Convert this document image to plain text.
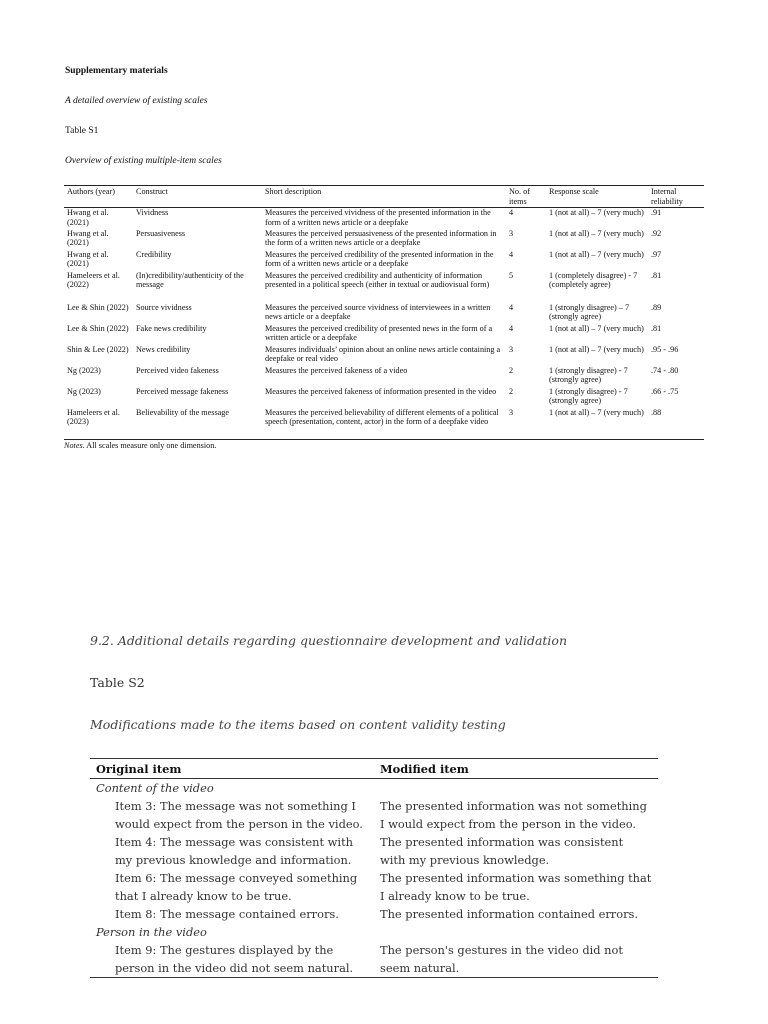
Supplementary materials
A detailed overview of existing scales
Table S1
Overview of existing multiple-item scales
Authors (year)	Construct	Short description	No. of items	Response scale	Internal reliability
Hwang et al. (2021)	Vividness	Measures the perceived vividness of the presented information in the form of a written news article or a deepfake	4	1 (not at all) – 7 (very much)	.91
Hwang et al. (2021)	Persuasiveness	Measures the perceived persuasiveness of the presented information in the form of a written news article or a deepfake	3	1 (not at all) – 7 (very much)	.92
Hwang et al. (2021)	Credibility	Measures the perceived credibility of the presented information in the form of a written news article or a deepfake	4	1 (not at all) – 7 (very much)	.97
Hameleers et al. (2022)	(In)credibility/authenticity of the message	Measures the perceived credibility and authenticity of information presented in a political speech (either in textual or audiovisual form)	5	1 (completely disagree) - 7 (completely agree)	.81
Lee & Shin (2022)	Source vividness	Measures the perceived source vividness of interviewees in a written news article or a deepfake	4	1 (strongly disagree) – 7 (strongly agree)	.89
Lee & Shin (2022)	Fake news credibility	Measures the perceived credibility of presented news in the form of a written article or a deepfake	4	1 (not at all) – 7 (very much)	.81
Shin & Lee (2022)	News credibility	Measures individuals’ opinion about an online news article containing a deepfake or real video	3	1 (not at all) – 7 (very much)	.95 - .96
Ng (2023)	Perceived video fakeness	Measures the perceived fakeness of a video	2	1 (strongly disagree) - 7 (strongly agree)	.74 - .80
Ng (2023)	Perceived message fakeness	Measures the perceived fakeness of information presented in the video	2	1 (strongly disagree) - 7 (strongly agree)	.66 - .75
Hameleers et al. (2023)	Believability of the message	Measures the perceived believability of different elements of a political speech (presentation, content, actor) in the form of a deepfake video	3	1 (not at all) – 7 (very much)	.88
Notes. All scales measure only one dimension.
9.2. Additional details regarding questionnaire development and validation
Table S2
Modifications made to the items based on content validity testing
Original item	Modified item
Content of the video	
Item 3: The message was not something I would expect from the person in the video.	The presented information was not something I would expect from the person in the video.
Item 4: The message was consistent with my previous knowledge and information.	The presented information was consistent with my previous knowledge.
Item 6: The message conveyed something that I already know to be true.	The presented information was something that I already know to be true.
Item 8: The message contained errors.	The presented information contained errors.
Person in the video	
Item 9: The gestures displayed by the person in the video did not seem natural.	The person's gestures in the video did not seem natural.
